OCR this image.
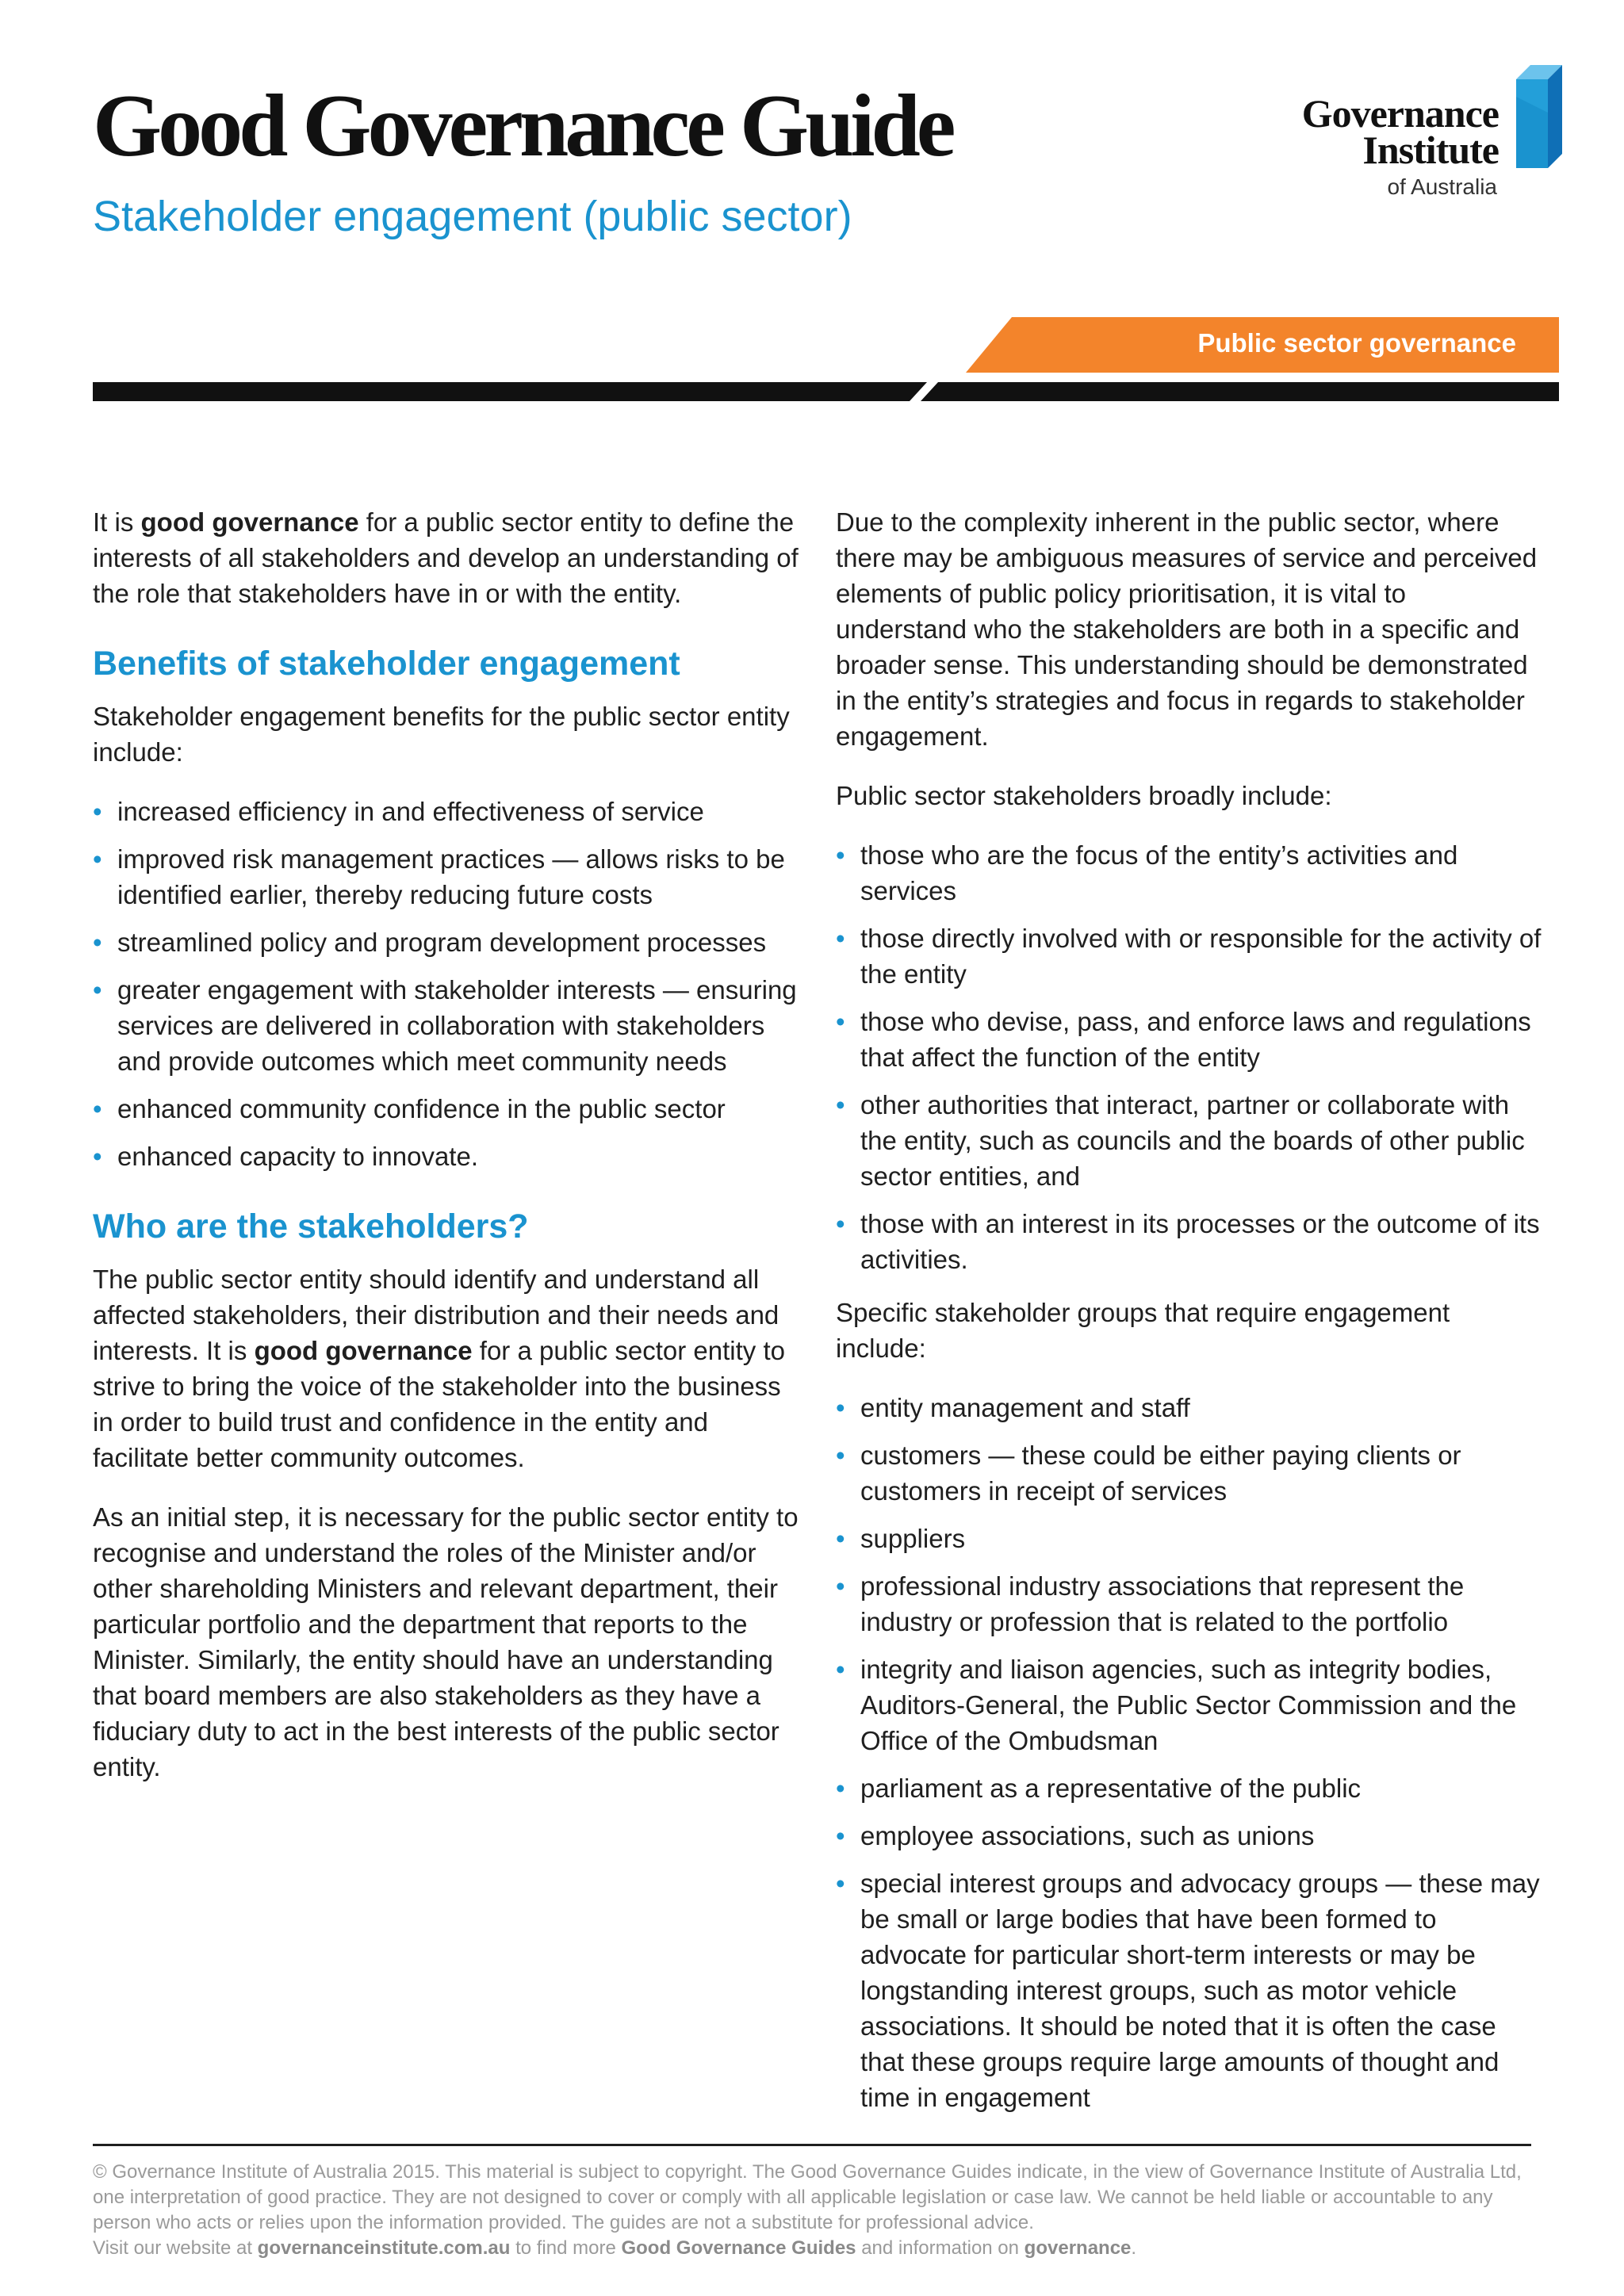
Good Governance Guide
Stakeholder engagement (public sector)
Governance
Institute
of Australia
Public sector governance

It is good governance for a public sector entity to define the interests of all stakeholders and develop an understanding of the role that stakeholders have in or with the entity.

Benefits of stakeholder engagement

Stakeholder engagement benefits for the public sector entity include:

• increased efficiency in and effectiveness of service
• improved risk management practices — allows risks to be identified earlier, thereby reducing future costs
• streamlined policy and program development processes
• greater engagement with stakeholder interests — ensuring services are delivered in collaboration with stakeholders and provide outcomes which meet community needs
• enhanced community confidence in the public sector
• enhanced capacity to innovate.
Who are the stakeholders?

The public sector entity should identify and understand all affected stakeholders, their distribution and their needs and interests. It is good governance for a public sector entity to strive to bring the voice of the stakeholder into the business in order to build trust and confidence in the entity and facilitate better community outcomes.

As an initial step, it is necessary for the public sector entity to recognise and understand the roles of the Minister and/or other shareholding Ministers and relevant department, their particular portfolio and the department that reports to the Minister. Similarly, the entity should have an understanding that board members are also stakeholders as they have a fiduciary duty to act in the best interests of the public sector entity.

Due to the complexity inherent in the public sector, where there may be ambiguous measures of service and perceived elements of public policy prioritisation, it is vital to understand who the stakeholders are both in a specific and broader sense. This understanding should be demonstrated in the entity’s strategies and focus in regards to stakeholder engagement.

Public sector stakeholders broadly include:

• those who are the focus of the entity’s activities and services
• those directly involved with or responsible for the activity of the entity
• those who devise, pass, and enforce laws and regulations that affect the function of the entity
• other authorities that interact, partner or collaborate with the entity, such as councils and the boards of other public sector entities, and
• those with an interest in its processes or the outcome of its activities.

Specific stakeholder groups that require engagement include:

• entity management and staff
• customers — these could be either paying clients or customers in receipt of services
• suppliers
• professional industry associations that represent the industry or profession that is related to the portfolio
• integrity and liaison agencies, such as integrity bodies, Auditors-General, the Public Sector Commission and the Office of the Ombudsman
• parliament as a representative of the public
• employee associations, such as unions
• special interest groups and advocacy groups — these may be small or large bodies that have been formed to advocate for particular short-term interests or may be longstanding interest groups, such as motor vehicle associations. It should be noted that it is often the case that these groups require large amounts of thought and time in engagement

© Governance Institute of Australia 2015. This material is subject to copyright. The Good Governance Guides indicate, in the view of Governance Institute of Australia Ltd, one interpretation of good practice. They are not designed to cover or comply with all applicable legislation or case law. We cannot be held liable or accountable to any person who acts or relies upon the information provided. The guides are not a substitute for professional advice.

Visit our website at governanceinstitute.com.au to find more Good Governance Guides and information on governance.
